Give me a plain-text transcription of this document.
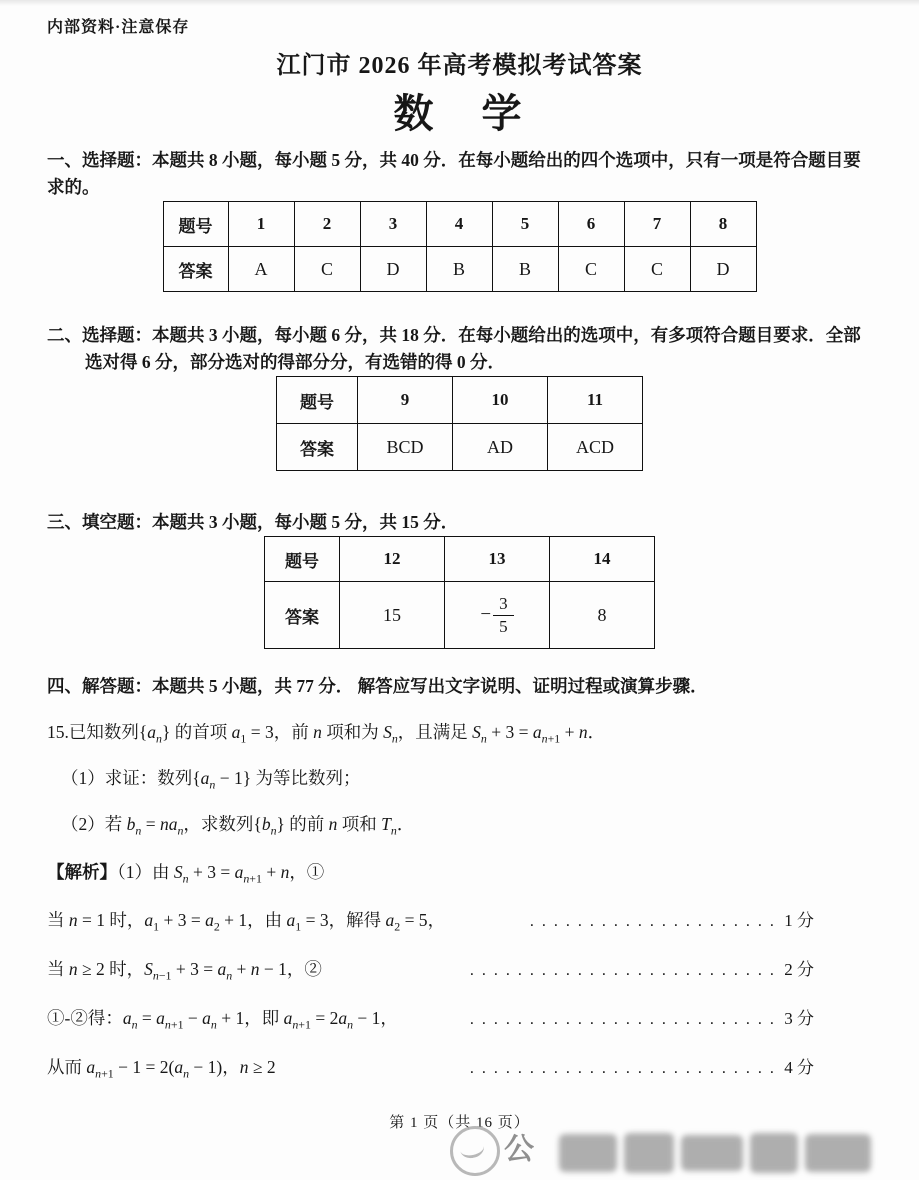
内部资料·注意保存
江门市 2026 年高考模拟考试答案
数　学

一、选择题：本题共 8 小题，每小题 5 分，共 40 分．在每小题给出的四个选项中，只有一项是符合题目要求的。

题号	1	2	3	4	5	6	7	8
答案	A	C	D	B	B	C	C	D

二、选择题：本题共 3 小题，每小题 6 分，共 18 分．在每小题给出的选项中，有多项符合题目要求．全部选对得 6 分，部分选对的得部分分，有选错的得 0 分．

题号	9	10	11
答案	BCD	AD	ACD

三、填空题：本题共 3 小题，每小题 5 分，共 15 分．

题号	12	13	14
答案	15	− $\frac{3}{5}$	8

四、解答题：本题共 5 小题，共 77 分． 解答应写出文字说明、证明过程或演算步骤．

15.已知数列$\{a_n\}$ 的首项 $a_1 = 3$，前 n 项和为 $S_n$，且满足 $S_n + 3 = a_{n+1} + n$．

（1）求证：数列$\{a_n - 1\}$ 为等比数列；

（2）若 $b_n = na_n$，求数列$\{b_n\}$ 的前 n 项和 $T_n$．

【解析】（1）由 $S_n + 3 = a_{n+1} + n$，①

当 n = 1 时，$a_1 + 3 = a_2 + 1$，由 $a_1 = 3$，解得 $a_2 = 5$，	. . . . . . . . . . . . . . . . . . . . . 1 分
当 n ≥ 2 时，$S_{n-1} + 3 = a_n + n - 1$，②	. . . . . . . . . . . . . . . . . . . . . . . . . . 2 分
①-②得：$a_n = a_{n+1} - a_n + 1$，即 $a_{n+1} = 2a_n - 1$，	. . . . . . . . . . . . . . . . . . . . . . . . . . 3 分
从而 $a_{n+1} - 1 = 2(a_n - 1)$，n ≥ 2	. . . . . . . . . . . . . . . . . . . . . . . . . . 4 分
第 1 页（共 16 页）
公
